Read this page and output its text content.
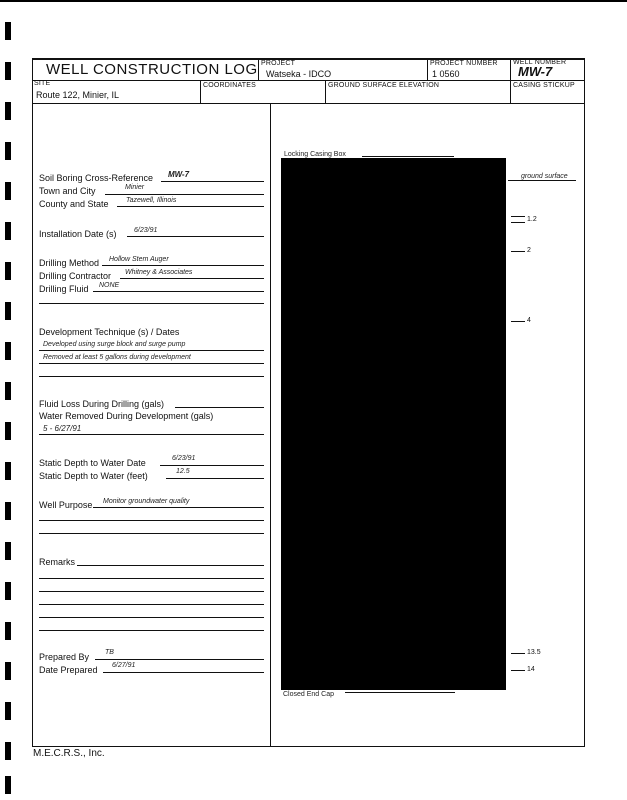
WELL CONSTRUCTION LOG PROJECT
Watseka - IDCO
PROJECT NUMBER
1 0560
WELL NUMBER
MW-7
SITE
Route 122, Minier, IL
COORDINATES	GROUND SURFACE ELEVATION	CASING STICKUP
Soil Boring Cross-Reference MW-7
Town and City	Minier
County and State Tazewell, Illinois
Installation Date (s) 6/23/91
Drilling Method Hollow Stem Auger
Drilling Contractor Whitney & Associates
Drilling Fluid NONE
Development Technique (s) / Dates
Developed using surge block and surge pump
Removed at least 5 gallons during development
Fluid Loss During Drilling (gals)
Water Removed During Development (gals)
5 - 6/27/91
Static Depth to Water Date	6/23/91
Static Depth to Water (feet)	12.5
Well Purpose Monitor groundwater quality
Remarks
Prepared By TB
Date Prepared 6/27/91
Locking Casing Box
ground surface
1.2
2
4
13.5
14
Closed End Cap
M.E.C.R.S., Inc.
